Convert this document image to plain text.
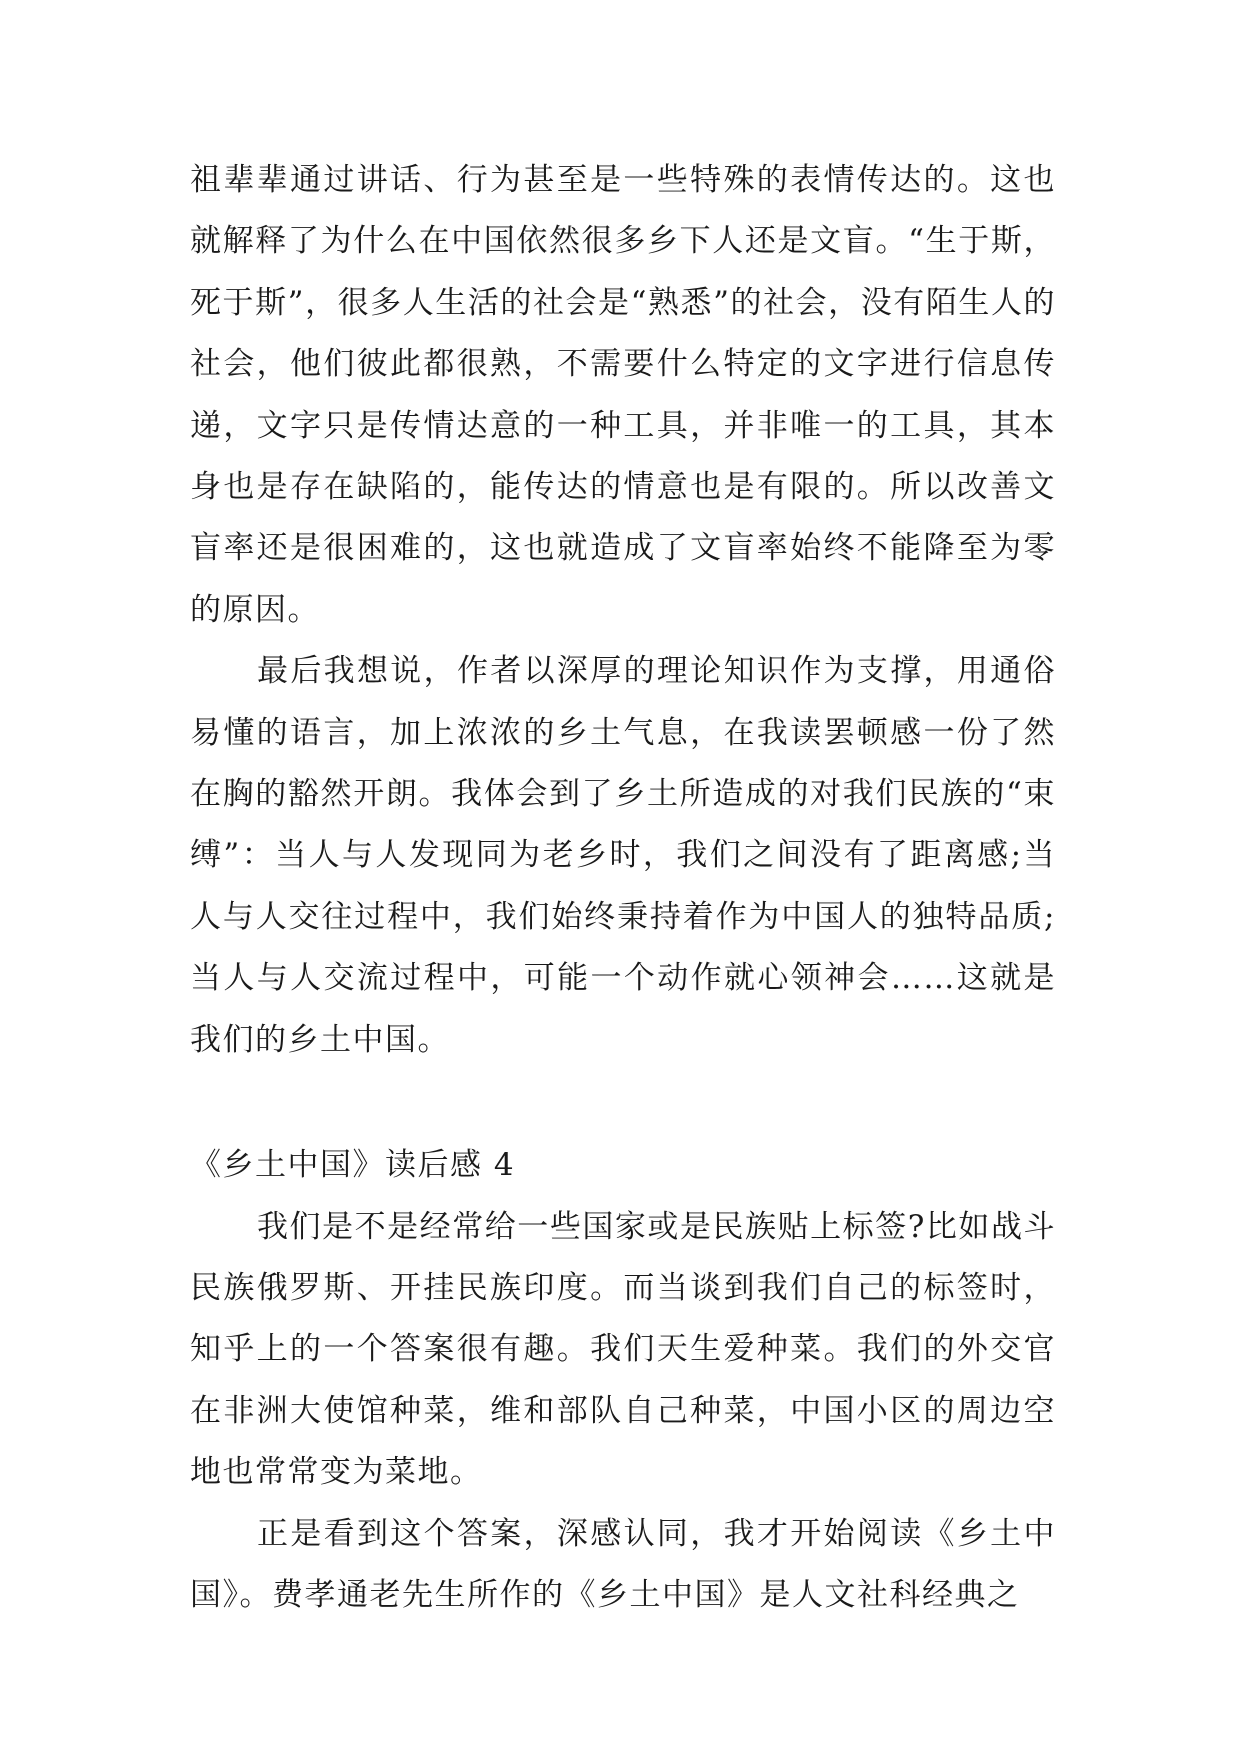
祖辈辈通过讲话、行为甚至是一些特殊的表情传达的。这也就解释了为什么在中国依然很多乡下人还是文盲。“生于斯，死于斯”，很多人生活的社会是“熟悉”的社会，没有陌生人的社会，他们彼此都很熟，不需要什么特定的文字进行信息传递，文字只是传情达意的一种工具，并非唯一的工具，其本身也是存在缺陷的，能传达的情意也是有限的。所以改善文盲率还是很困难的，这也就造成了文盲率始终不能降至为零的原因。

最后我想说，作者以深厚的理论知识作为支撑，用通俗易懂的语言，加上浓浓的乡土气息，在我读罢顿感一份了然在胸的豁然开朗。我体会到了乡土所造成的对我们民族的“束缚”：当人与人发现同为老乡时，我们之间没有了距离感;当人与人交往过程中，我们始终秉持着作为中国人的独特品质;当人与人交流过程中，可能一个动作就心领神会……这就是我们的乡土中国。

《乡土中国》读后感 4

我们是不是经常给一些国家或是民族贴上标签?比如战斗民族俄罗斯、开挂民族印度。而当谈到我们自己的标签时，知乎上的一个答案很有趣。我们天生爱种菜。我们的外交官在非洲大使馆种菜，维和部队自己种菜，中国小区的周边空地也常常变为菜地。

正是看到这个答案，深感认同，我才开始阅读《乡土中国》。费孝通老先生所作的《乡土中国》是人文社科经典之
